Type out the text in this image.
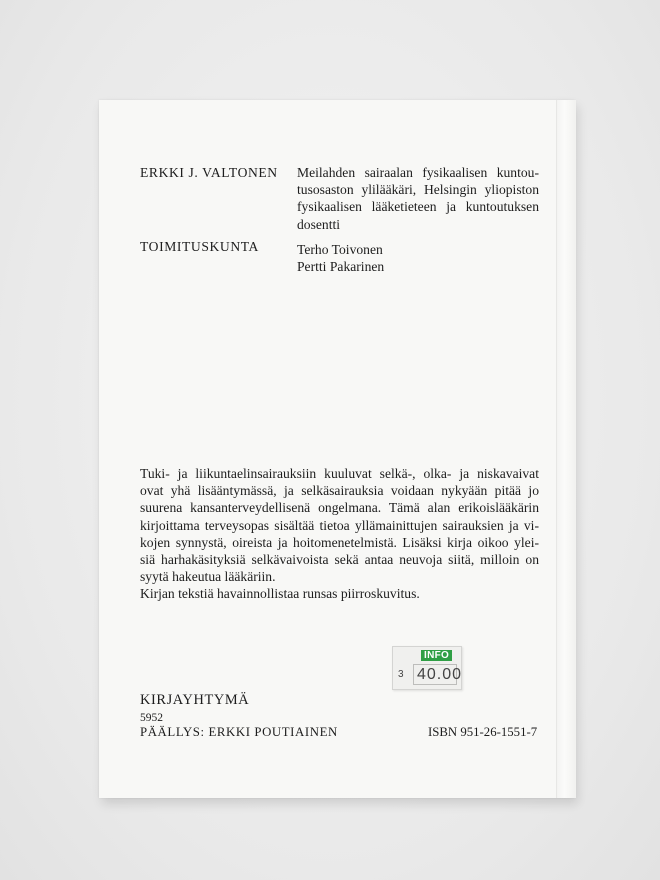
ERKKI J. VALTONEN Meilahden sairaalan fysikaalisen kuntou-
tusosaston ylilääkäri, Helsingin yliopiston
fysikaalisen lääketieteen ja kuntoutuksen
dosentti
TOIMITUSKUNTA	Terho Toivonen
Pertti Pakarinen
Tuki- ja liikuntaelinsairauksiin kuuluvat selkä-, olka- ja niskavaivat
ovat yhä lisääntymässä, ja selkäsairauksia voidaan nykyään pitää jo
suurena kansanterveydellisenä ongelmana. Tämä alan erikoislääkärin
kirjoittama terveysopas sisältää tietoa yllämainittujen sairauksien ja vi-
kojen synnystä, oireista ja hoitomenetelmistä. Lisäksi kirja oikoo ylei-
siä harhakäsityksiä selkävaivoista sekä antaa neuvoja siitä, milloin on
syytä hakeutua lääkäriin.
Kirjan tekstiä havainnollistaa runsas piirroskuvitus.
INFO
3 40.00
KIRJAYHTYMÄ
5952
PÄÄLLYS: ERKKI POUTIAINEN	ISBN 951-26-1551-7
